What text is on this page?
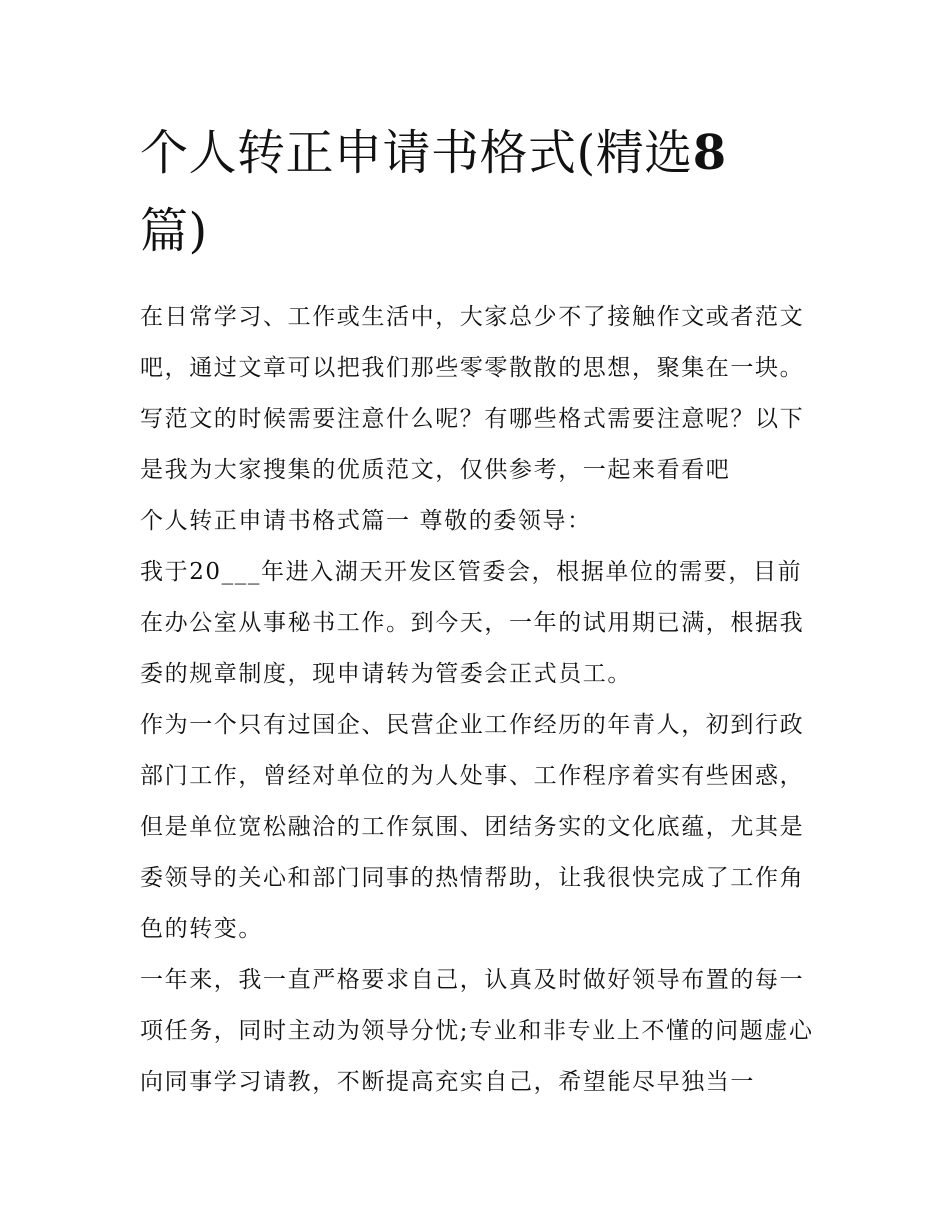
个人转正申请书格式(精选8
篇)

在日常学习、工作或生活中，大家总少不了接触作文或者范文吧，通过文章可以把我们那些零零散散的思想，聚集在一块。写范文的时候需要注意什么呢？有哪些格式需要注意呢？以下是我为大家搜集的优质范文，仅供参考，一起来看看吧

个人转正申请书格式篇一 尊敬的委领导：

我于20___年进入湖天开发区管委会，根据单位的需要，目前在办公室从事秘书工作。到今天，一年的试用期已满，根据我委的规章制度，现申请转为管委会正式员工。

作为一个只有过国企、民营企业工作经历的年青人，初到行政部门工作，曾经对单位的为人处事、工作程序着实有些困惑，但是单位宽松融洽的工作氛围、团结务实的文化底蕴，尤其是委领导的关心和部门同事的热情帮助，让我很快完成了工作角色的转变。

一年来，我一直严格要求自己，认真及时做好领导布置的每一项任务，同时主动为领导分忧;专业和非专业上不懂的问题虚心向同事学习请教，不断提高充实自己，希望能尽早独当一
